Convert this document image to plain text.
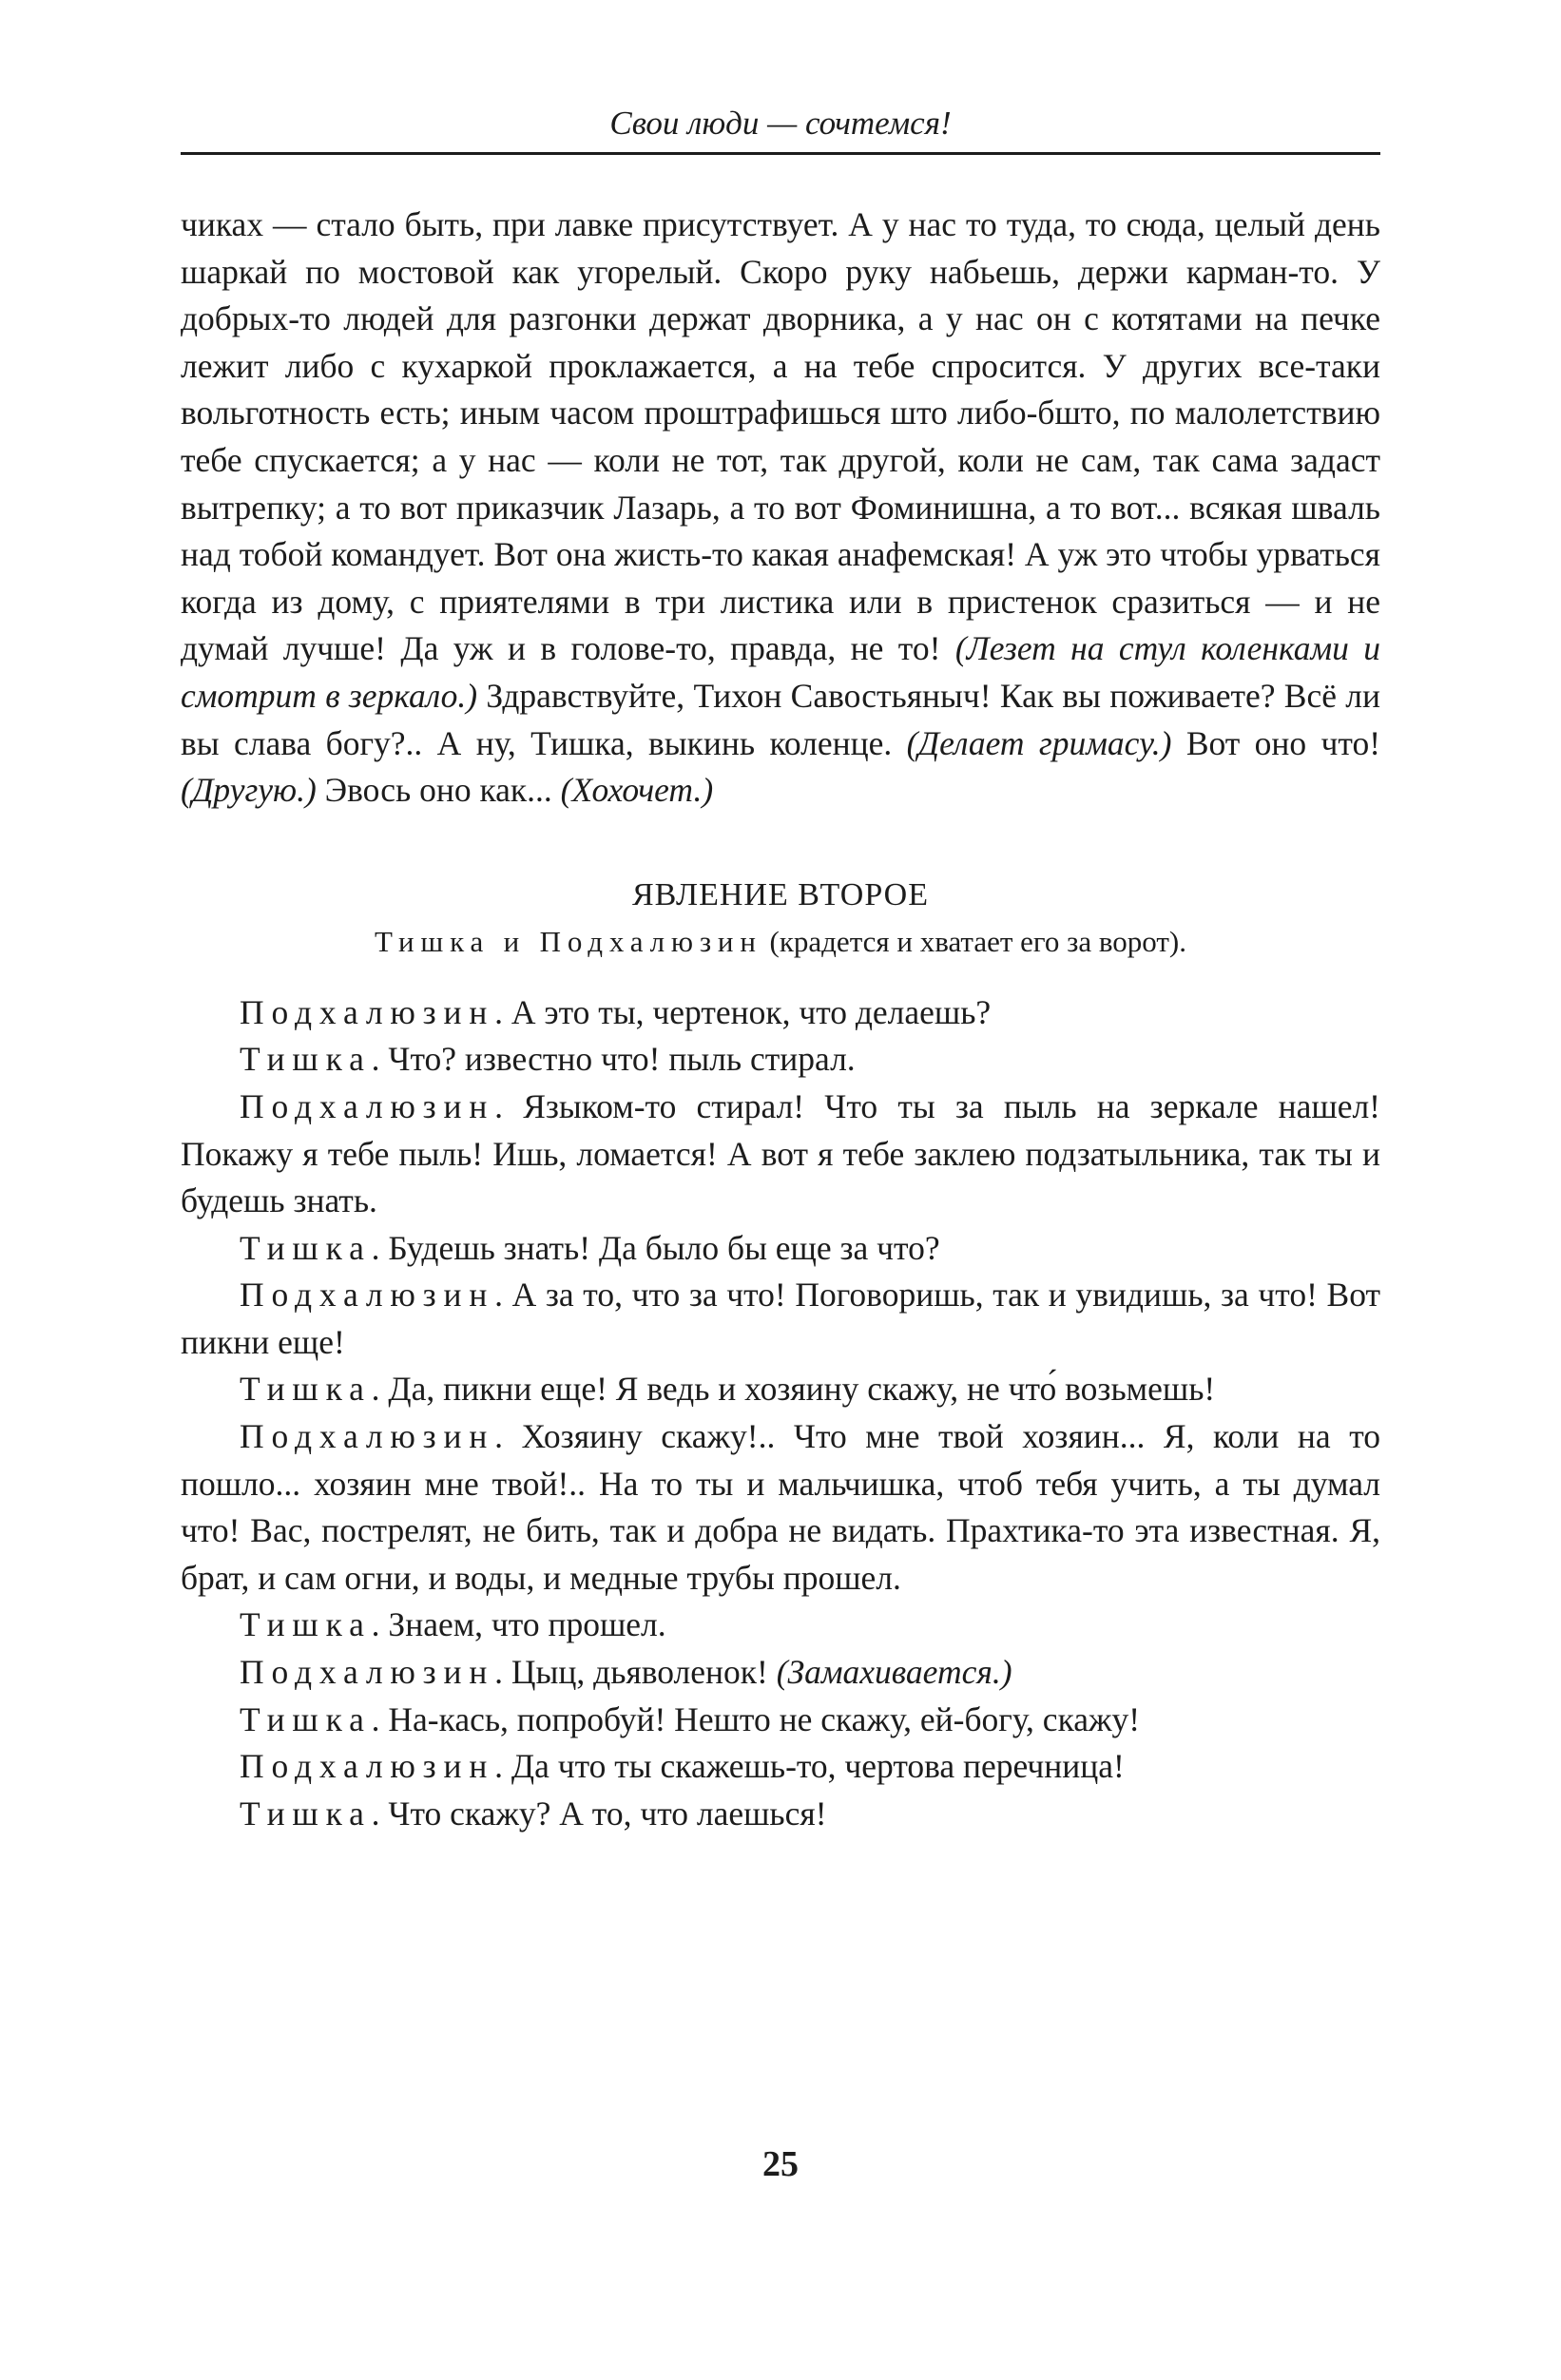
Свои люди — сочтемся!

чиках — стало быть, при лавке присутствует. А у нас то туда, то сюда, целый день шаркай по мостовой как угорелый. Скоро руку набьешь, держи карман-то. У добрых-то людей для разгонки держат дворника, а у нас он с котятами на печке лежит либо с кухаркой проклажается, а на тебе спросится. У других все-таки вольготность есть; иным часом проштрафишься што либо-бшто, по малолетствию тебе спускается; а у нас — коли не тот, так другой, коли не сам, так сама задаст вытрепку; а то вот приказчик Лазарь, а то вот Фоминишна, а то вот... всякая шваль над тобой командует. Вот она жисть-то какая анафемская! А уж это чтобы урваться когда из дому, с приятелями в три листика или в пристенок сразиться — и не думай лучше! Да уж и в голове-то, правда, не то! (Лезет на стул коленками и смотрит в зеркало.) Здравствуйте, Тихон Савостьяныч! Как вы поживаете? Всё ли вы слава богу?.. А ну, Тишка, выкинь коленце. (Делает гримасу.) Вот оно что! (Другую.) Эвось оно как... (Хохочет.)

ЯВЛЕНИЕ ВТОРОЕ
Тишка и Подхалюзин (крадется и хватает его за ворот).

Подхалюзин. А это ты, чертенок, что делаешь?

Тишка. Что? известно что! пыль стирал.

Подхалюзин. Языком-то стирал! Что ты за пыль на зеркале нашел! Покажу я тебе пыль! Ишь, ломается! А вот я тебе заклею подзатыльника, так ты и будешь знать.

Тишка. Будешь знать! Да было бы еще за что?

Подхалюзин. А за то, что за что! Поговоришь, так и увидишь, за что! Вот пикни еще!

Тишка. Да, пикни еще! Я ведь и хозяину скажу, не что́ возьмешь!

Подхалюзин. Хозяину скажу!.. Что мне твой хозяин... Я, коли на то пошло... хозяин мне твой!.. На то ты и мальчишка, чтоб тебя учить, а ты думал что! Вас, пострелят, не бить, так и добра не видать. Прахтика-то эта известная. Я, брат, и сам огни, и воды, и медные трубы прошел.

Тишка. Знаем, что прошел.

Подхалюзин. Цыц, дьяволенок! (Замахивается.)

Тишка. На-кась, попробуй! Нешто не скажу, ей-богу, скажу!

Подхалюзин. Да что ты скажешь-то, чертова перечница!

Тишка. Что скажу? А то, что лаешься!

25
